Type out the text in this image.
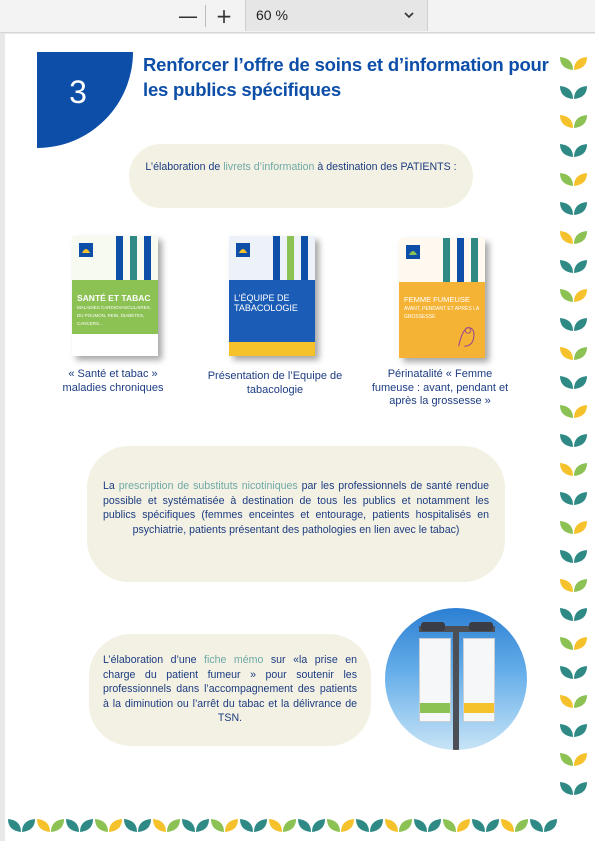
— +	60 %
3
Renforcer l’offre de soins et d’information pour les publics spécifiques
L’élaboration de livrets d’information à destination des PATIENTS :
SANTÉ ET TABAC
MALADIES CARDIOVASCULAIRES, DU POUMON, REIN, DIABÈTES, CANCERS…
L’ÉQUIPE DE TABACOLOGIE
FEMME FUMEUSE
AVANT, PENDANT ET APRÈS LA GROSSESSE
« Santé et tabac » maladies chroniques
Présentation de l’Equipe de tabacologie
Périnatalité « Femme fumeuse : avant, pendant et après la grossesse »
La prescription de substituts nicotiniques par les professionnels de santé rendue possible et systématisée à destination de tous les publics et notamment les publics spécifiques (femmes enceintes et entourage, patients hospitalisés en psychiatrie, patients présentant des pathologies en lien avec le tabac)
L’élaboration d’une fiche mémo sur «la prise en charge du patient fumeur » pour soutenir les professionnels dans l’accompagnement des patients à la diminution ou l’arrêt du tabac et la délivrance de TSN.
